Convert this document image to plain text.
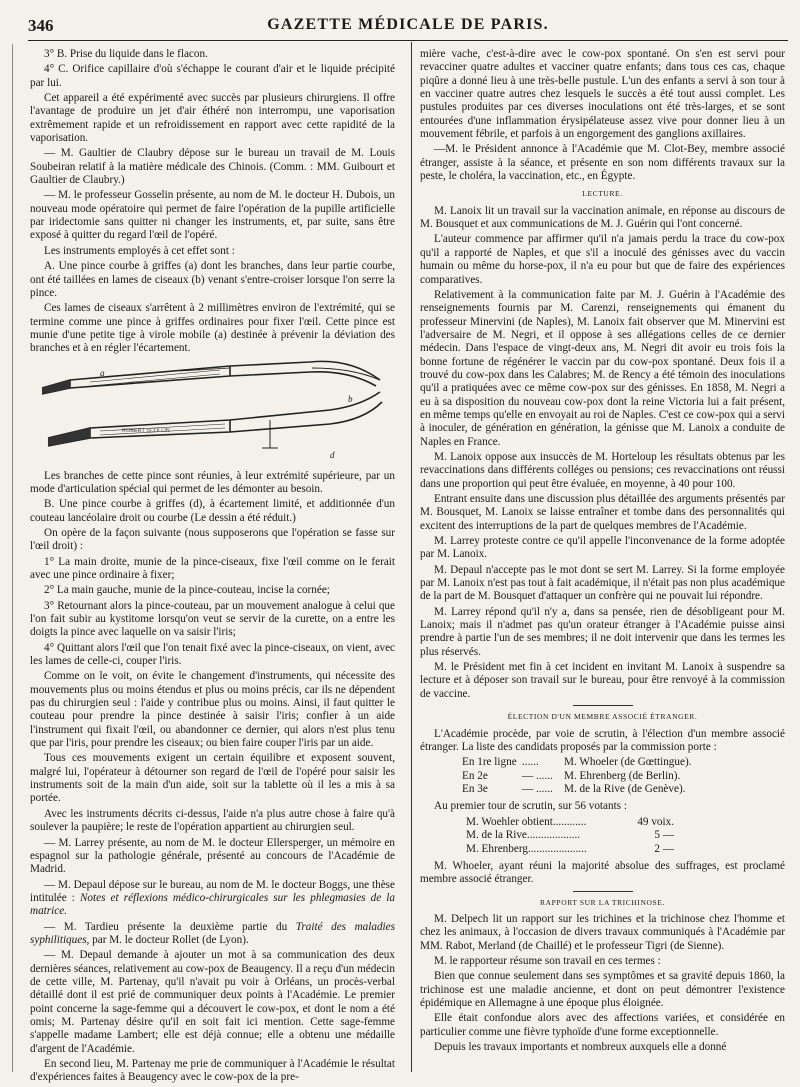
346	GAZETTE MÉDICALE DE PARIS.

3° B. Prise du liquide dans le flacon.

4° C. Orifice capillaire d'où s'échappe le courant d'air et le liquide précipité par lui.

Cet appareil a été expérimenté avec succès par plusieurs chirurgiens. Il offre l'avantage de produire un jet d'air éthéré non interrompu, une vaporisation extrêmement rapide et un refroidissement en rapport avec cette rapidité de la vaporisation.

— M. Gaultier de Claubry dépose sur le bureau un travail de M. Louis Soubeiran relatif à la matière médicale des Chinois. (Comm. : MM. Guibourt et Gaultier de Claubry.)

— M. le professeur Gosselin présente, au nom de M. le docteur H. Dubois, un nouveau mode opératoire qui permet de faire l'opération de la pupille artificielle par iridectomie sans quitter ni changer les instruments, et, par suite, sans être exposé à quitter du regard l'œil de l'opéré.

Les instruments employés à cet effet sont :

A. Une pince courbe à griffes (a) dont les branches, dans leur partie courbe, ont été taillées en lames de ciseaux (b) venant s'entre-croiser lorsque l'on serre la pince.

Ces lames de ciseaux s'arrêtent à 2 millimètres environ de l'extrémité, qui se termine comme une pince à griffes ordinaires pour fixer l'œil. Cette pince est munie d'une petite tige à virole mobile (a) destinée à prévenir la déviation des branches et à en régler l'écartement.

ROBERT SCOLLIN
a
b
d

Les branches de cette pince sont réunies, à leur extrémité supérieure, par un mode d'articulation spécial qui permet de les démonter au besoin.

B. Une pince courbe à griffes (d), à écartement limité, et additionnée d'un couteau lancéolaire droit ou courbe (Le dessin a été réduit.)

On opère de la façon suivante (nous supposerons que l'opération se fasse sur l'œil droit) :

1° La main droite, munie de la pince-ciseaux, fixe l'œil comme on le ferait avec une pince ordinaire à fixer;

2° La main gauche, munie de la pince-couteau, incise la cornée;

3° Retournant alors la pince-couteau, par un mouvement analogue à celui que l'on fait subir au kystitome lorsqu'on veut se servir de la curette, on a entre les doigts la pince avec laquelle on va saisir l'iris;

4° Quittant alors l'œil que l'on tenait fixé avec la pince-ciseaux, on vient, avec les lames de celle-ci, couper l'iris.

Comme on le voit, on évite le changement d'instruments, qui nécessite des mouvements plus ou moins étendus et plus ou moins précis, car ils ne dépendent pas du chirurgien seul : l'aide y contribue plus ou moins. Ainsi, il faut quitter le couteau pour prendre la pince destinée à saisir l'iris; confier à un aide l'instrument qui fixait l'œil, ou abandonner ce dernier, qui alors n'est plus tenu que par l'iris, pour prendre les ciseaux; ou bien faire couper l'iris par un aide.

Tous ces mouvements exigent un certain équilibre et exposent souvent, malgré lui, l'opérateur à détourner son regard de l'œil de l'opéré pour saisir les instruments soit de la main d'un aide, soit sur la tablette où il les a mis à sa portée.

Avec les instruments décrits ci-dessus, l'aide n'a plus autre chose à faire qu'à soulever la paupière; le reste de l'opération appartient au chirurgien seul.

— M. Larrey présente, au nom de M. le docteur Ellersperger, un mémoire en espagnol sur la pathologie générale, présenté au concours de l'Académie de Madrid.

— M. Depaul dépose sur le bureau, au nom de M. le docteur Boggs, une thèse intitulée : Notes et réflexions médico-chirurgicales sur les phlegmasies de la matrice.

— M. Tardieu présente la deuxième partie du Traité des maladies syphilitiques, par M. le docteur Rollet (de Lyon).

— M. Depaul demande à ajouter un mot à sa communication des deux dernières séances, relativement au cow-pox de Beaugency. Il a reçu d'un médecin de cette ville, M. Partenay, qu'il n'avait pu voir à Orléans, un procès-verbal détaillé dont il est prié de communiquer deux points à l'Académie. Le premier point concerne la sage-femme qui a découvert le cow-pox, et dont le nom a été omis; M. Partenay désire qu'il en soit fait ici mention. Cette sage-femme s'appelle madame Lambert; elle est déjà connue; elle a obtenu une médaille d'argent de l'Académie.

En second lieu, M. Partenay me prie de communiquer à l'Académie le résultat d'expériences faites à Beaugency avec le cow-pox de la pre-

mière vache, c'est-à-dire avec le cow-pox spontané. On s'en est servi pour revacciner quatre adultes et vacciner quatre enfants; dans tous ces cas, chaque piqûre a donné lieu à une très-belle pustule. L'un des enfants a servi à son tour à en vacciner quatre autres chez lesquels le succès a été tout aussi complet. Les pustules produites par ces diverses inoculations ont été très-larges, et se sont entourées d'une inflammation érysipélateuse assez vive pour donner lieu à un mouvement fébrile, et parfois à un engorgement des ganglions axillaires.

—M. le Président annonce à l'Académie que M. Clot-Bey, membre associé étranger, assiste à la séance, et présente en son nom différents travaux sur la peste, le choléra, la vaccination, etc., en Égypte.

LECTURE.

M. Lanoix lit un travail sur la vaccination animale, en réponse au discours de M. Bousquet et aux communications de M. J. Guérin qui l'ont concerné.

L'auteur commence par affirmer qu'il n'a jamais perdu la trace du cow-pox qu'il a rapporté de Naples, et que s'il a inoculé des génisses avec du vaccin humain ou même du horse-pox, il n'a eu pour but que de faire des expériences comparatives.

Relativement à la communication faite par M. J. Guérin à l'Académie des renseignements fournis par M. Carenzi, renseignements qui émanent du professeur Minervini (de Naples), M. Lanoix fait observer que M. Minervini est l'adversaire de M. Negri, et il oppose à ses allégations celles de ce dernier médecin. Dans l'espace de vingt-deux ans, M. Negri dit avoir eu trois fois la bonne fortune de régénérer le vaccin par du cow-pox spontané. Deux fois il a trouvé du cow-pox dans les Calabres; M. de Rency a été témoin des inoculations qu'il a pratiquées avec ce même cow-pox sur des génisses. En 1858, M. Negri a eu à sa disposition du nouveau cow-pox dont la reine Victoria lui a fait présent, en même temps qu'elle en envoyait au roi de Naples. C'est ce cow-pox qui a servi à inoculer, de génération en génération, la génisse que M. Lanoix a conduite de Naples en France.

M. Lanoix oppose aux insuccès de M. Horteloup les résultats obtenus par les revaccinations dans différents colléges ou pensions; ces revaccinations ont réussi dans une proportion qui peut être évaluée, en moyenne, à 40 pour 100.

Entrant ensuite dans une discussion plus détaillée des arguments présentés par M. Bousquet, M. Lanoix se laisse entraîner et tombe dans des personnalités qui excitent des interruptions de la part de quelques membres de l'Académie.

M. Larrey proteste contre ce qu'il appelle l'inconvenance de la forme adoptée par M. Lanoix.

M. Depaul n'accepte pas le mot dont se sert M. Larrey. Si la forme employée par M. Lanoix n'est pas tout à fait académique, il n'était pas non plus académique de la part de M. Bousquet d'attaquer un confrère qui ne pouvait lui répondre.

M. Larrey répond qu'il n'y a, dans sa pensée, rien de désobligeant pour M. Lanoix; mais il n'admet pas qu'un orateur étranger à l'Académie puisse ainsi prendre à partie l'un de ses membres; il ne doit intervenir que dans les termes les plus réservés.

M. le Président met fin à cet incident en invitant M. Lanoix à suspendre sa lecture et à déposer son travail sur le bureau, pour être renvoyé à la commission de vaccine.

ÉLECTION D'UN MEMBRE ASSOCIÉ ÉTRANGER.

L'Académie procède, par voie de scrutin, à l'élection d'un membre associé étranger. La liste des candidats proposés par la commission porte :

En 1re ligne ...... M. Whoeler (de Gœttingue).
En 2e	— ...... M. Ehrenberg (de Berlin).
En 3e	— ...... M. de la Rive (de Genève).

Au premier tour de scrutin, sur 56 votants :

M. Woehler obtient............	49 voix.
M. de la Rive...................	5 —
M. Ehrenberg.....................	2 —

M. Whoeler, ayant réuni la majorité absolue des suffrages, est proclamé membre associé étranger.

RAPPORT SUR LA TRICHINOSE.

M. Delpech lit un rapport sur les trichines et la trichinose chez l'homme et chez les animaux, à l'occasion de divers travaux communiqués à l'Académie par MM. Rabot, Merland (de Chaillé) et le professeur Tigri (de Sienne).

M. le rapporteur résume son travail en ces termes :

Bien que connue seulement dans ses symptômes et sa gravité depuis 1860, la trichinose est une maladie ancienne, et dont on peut démontrer l'existence épidémique en Allemagne à une époque plus éloignée.

Elle était confondue alors avec des affections variées, et considérée en particulier comme une fièvre typhoïde d'une forme exceptionnelle.

Depuis les travaux importants et nombreux auxquels elle a donné
